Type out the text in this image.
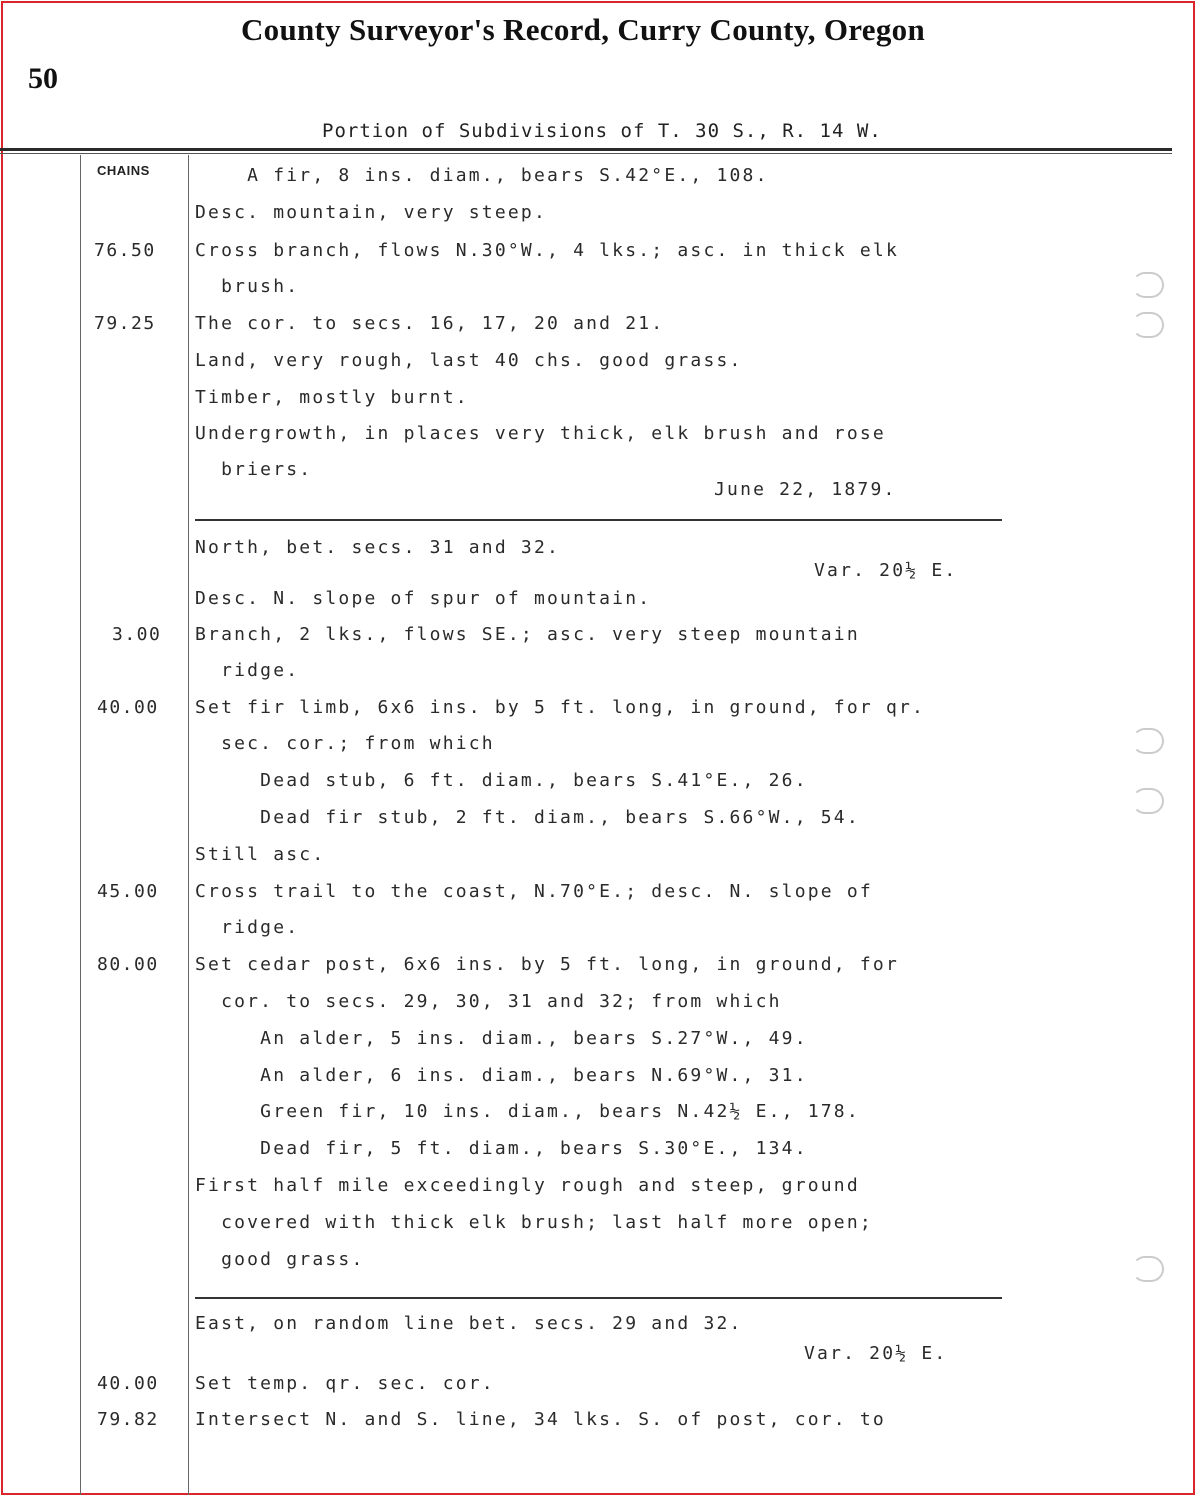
County Surveyor's Record, Curry County, Oregon
50
Portion of Subdivisions of T. 30 S., R. 14 W.
CHAINS	A fir, 8 ins. diam., bears S.42°E., 108.
Desc. mountain, very steep.
76.50 Cross branch, flows N.30°W., 4 lks.; asc. in thick elk
brush.
79.25 The cor. to secs. 16, 17, 20 and 21.
Land, very rough, last 40 chs. good grass.
Timber, mostly burnt.
Undergrowth, in places very thick, elk brush and rose
briers.
June 22, 1879.
North, bet. secs. 31 and 32.
Var. 20½ E.
Desc. N. slope of spur of mountain.
3.00 Branch, 2 lks., flows SE.; asc. very steep mountain
ridge.
40.00 Set fir limb, 6x6 ins. by 5 ft. long, in ground, for qr.
sec. cor.; from which
Dead stub, 6 ft. diam., bears S.41°E., 26.
Dead fir stub, 2 ft. diam., bears S.66°W., 54.
Still asc.
45.00 Cross trail to the coast, N.70°E.; desc. N. slope of
ridge.
80.00 Set cedar post, 6x6 ins. by 5 ft. long, in ground, for
cor. to secs. 29, 30, 31 and 32; from which
An alder, 5 ins. diam., bears S.27°W., 49.
An alder, 6 ins. diam., bears N.69°W., 31.
Green fir, 10 ins. diam., bears N.42½ E., 178.
Dead fir, 5 ft. diam., bears S.30°E., 134.
First half mile exceedingly rough and steep, ground
covered with thick elk brush; last half more open;
good grass.
East, on random line bet. secs. 29 and 32.
Var. 20½ E.
40.00 Set temp. qr. sec. cor.
79.82 Intersect N. and S. line, 34 lks. S. of post, cor. to
